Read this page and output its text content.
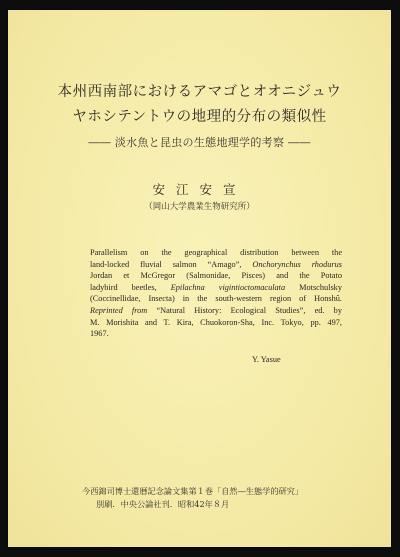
本州西南部におけるアマゴとオオニジュウ
ヤホシテントウの地理的分布の類似性
―― 淡水魚と昆虫の生態地理学的考察 ――
安江安宣
（岡山大学農業生物研究所）
Parallelism on the geographical distribution between the
land-locked fluvial salmon “Amago”, Onchorynchus rhodurus
Jordan et McGregor (Salmonidae, Pisces) and the Potato
ladybird beetles, Epilachna vigintioctomaculata Motschulsky
(Coccinellidae, Insecta) in the south-western region of Honshû.
Reprinted from “Natural History: Ecological Studies”, ed. by
M. Morishita and T. Kira, Chuokoron-Sha, Inc. Tokyo, pp. 497,
1967.
Y. Yasue
今西錦司博士還暦記念論文集第１巻「自然―生態学的研究」
別刷．中央公論社刊．昭和42年８月
